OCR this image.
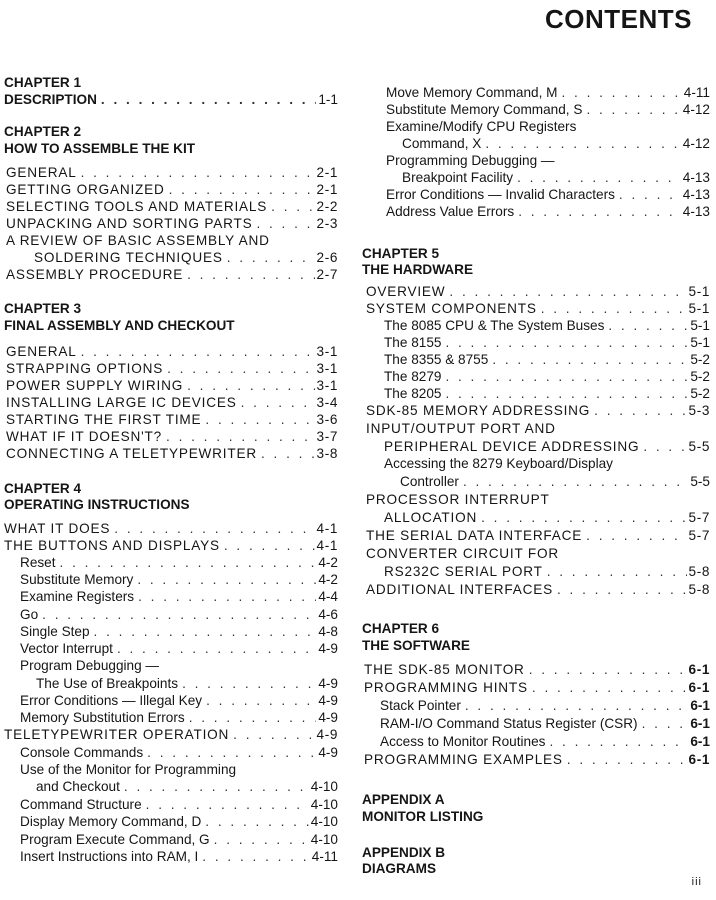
CONTENTS
CHAPTER 1
DESCRIPTION . . .	1-1
CHAPTER 2
HOW TO ASSEMBLE THE KIT
GENERAL . . .	2-1
GETTING ORGANIZED . . .	2-1
SELECTING TOOLS AND MATERIALS . . .	2-2
UNPACKING AND SORTING PARTS . . .	2-3
A REVIEW OF BASIC ASSEMBLY AND
SOLDERING TECHNIQUES . . .	2-6
ASSEMBLY PROCEDURE . . .	2-7
CHAPTER 3
FINAL ASSEMBLY AND CHECKOUT
GENERAL . . .	3-1
STRAPPING OPTIONS . . .	3-1
POWER SUPPLY WIRING . . .	3-1
INSTALLING LARGE IC DEVICES . . .	3-4
STARTING THE FIRST TIME . . .	3-6
WHAT IF IT DOESN'T? . . .	3-7
CONNECTING A TELETYPEWRITER . . .	3-8
CHAPTER 4
OPERATING INSTRUCTIONS
WHAT IT DOES . . .	4-1
THE BUTTONS AND DISPLAYS . . .	4-1
Reset . . .	4-2
Substitute Memory . . .	4-2
Examine Registers . . .	4-4
Go . . .	4-6
Single Step . . .	4-8
Vector Interrupt . . .	4-9
Program Debugging —
The Use of Breakpoints . . .	4-9
Error Conditions — Illegal Key . . .	4-9
Memory Substitution Errors . . .	4-9
TELETYPEWRITER OPERATION . . .	4-9
Console Commands . . .	4-9
Use of the Monitor for Programming
and Checkout . . .	4-10
Command Structure . . .	4-10
Display Memory Command, D . . .	4-10
Program Execute Command, G . . .	4-10
Insert Instructions into RAM, I . . .	4-11
Move Memory Command, M . . .	4-11
Substitute Memory Command, S . . .	4-12
Examine/Modify CPU Registers
Command, X . . .	4-12
Programming Debugging —
Breakpoint Facility . . .	4-13
Error Conditions — Invalid Characters . . .	4-13
Address Value Errors . . .	4-13
CHAPTER 5
THE HARDWARE
OVERVIEW . . .	5-1
SYSTEM COMPONENTS . . .	5-1
The 8085 CPU & The System Buses . . .	5-1
The 8155 . . .	5-1
The 8355 & 8755 . . .	5-2
The 8279 . . .	5-2
The 8205 . . .	5-2
SDK-85 MEMORY ADDRESSING . . .	5-3
INPUT/OUTPUT PORT AND
PERIPHERAL DEVICE ADDRESSING . . .	5-5
Accessing the 8279 Keyboard/Display
Controller . . .	5-5
PROCESSOR INTERRUPT
ALLOCATION . . .	5-7
THE SERIAL DATA INTERFACE . . .	5-7
CONVERTER CIRCUIT FOR
RS232C SERIAL PORT . . .	5-8
ADDITIONAL INTERFACES . . .	5-8
CHAPTER 6
THE SOFTWARE
THE SDK-85 MONITOR . . .	6-1
PROGRAMMING HINTS . . .	6-1
Stack Pointer . . .	6-1
RAM-I/O Command Status Register (CSR) . . .	6-1
Access to Monitor Routines . . .	6-1
PROGRAMMING EXAMPLES . . .	6-1
APPENDIX A
MONITOR LISTING
APPENDIX B
DIAGRAMS
iii
